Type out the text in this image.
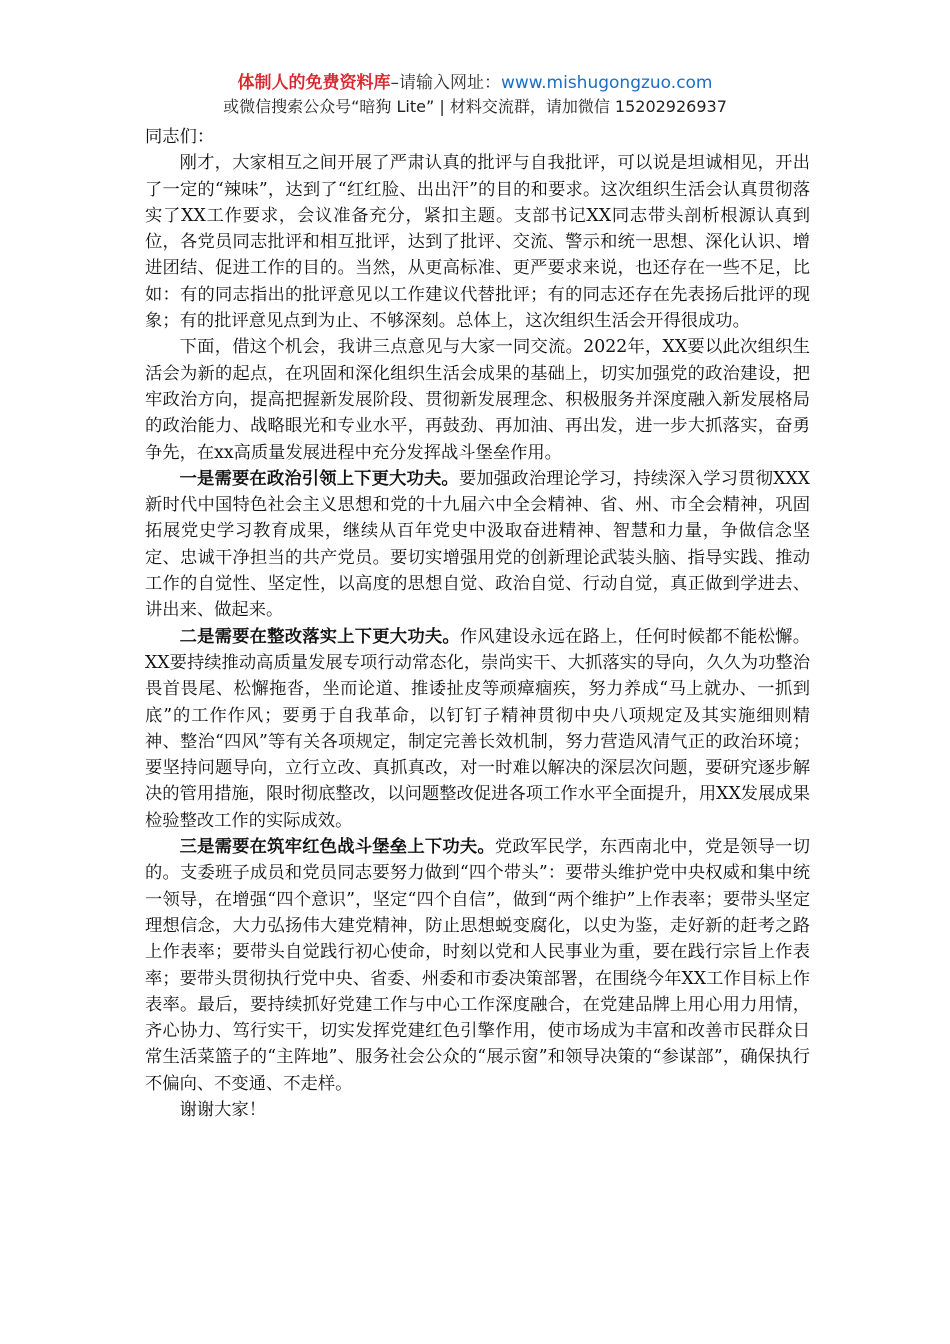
体制人的免费资料库–请输入网址：www.mishugongzuo.com
或微信搜索公众号“暗狗 Lite” | 材料交流群，请加微信 15202926937

同志们：

刚才，大家相互之间开展了严肃认真的批评与自我批评，可以说是坦诚相见，开出了一定的“辣味”，达到了“红红脸、出出汗”的目的和要求。这次组织生活会认真贯彻落实了XX工作要求，会议准备充分，紧扣主题。支部书记XX同志带头剖析根源认真到位，各党员同志批评和相互批评，达到了批评、交流、警示和统一思想、深化认识、增进团结、促进工作的目的。当然，从更高标准、更严要求来说，也还存在一些不足，比如：有的同志指出的批评意见以工作建议代替批评；有的同志还存在先表扬后批评的现象；有的批评意见点到为止、不够深刻。总体上，这次组织生活会开得很成功。

下面，借这个机会，我讲三点意见与大家一同交流。2022年，XX要以此次组织生活会为新的起点，在巩固和深化组织生活会成果的基础上，切实加强党的政治建设，把牢政治方向，提高把握新发展阶段、贯彻新发展理念、积极服务并深度融入新发展格局的政治能力、战略眼光和专业水平，再鼓劲、再加油、再出发，进一步大抓落实，奋勇争先，在xx高质量发展进程中充分发挥战斗堡垒作用。

一是需要在政治引领上下更大功夫。要加强政治理论学习，持续深入学习贯彻XXX新时代中国特色社会主义思想和党的十九届六中全会精神、省、州、市全会精神，巩固拓展党史学习教育成果，继续从百年党史中汲取奋进精神、智慧和力量，争做信念坚定、忠诚干净担当的共产党员。要切实增强用党的创新理论武装头脑、指导实践、推动工作的自觉性、坚定性，以高度的思想自觉、政治自觉、行动自觉，真正做到学进去、讲出来、做起来。

二是需要在整改落实上下更大功夫。作风建设永远在路上，任何时候都不能松懈。XX要持续推动高质量发展专项行动常态化，崇尚实干、大抓落实的导向，久久为功整治畏首畏尾、松懈拖沓，坐而论道、推诿扯皮等顽瘴痼疾，努力养成“马上就办、一抓到底”的工作作风；要勇于自我革命，以钉钉子精神贯彻中央八项规定及其实施细则精神、整治“四风”等有关各项规定，制定完善长效机制，努力营造风清气正的政治环境；要坚持问题导向，立行立改、真抓真改，对一时难以解决的深层次问题，要研究逐步解决的管用措施，限时彻底整改，以问题整改促进各项工作水平全面提升，用XX发展成果检验整改工作的实际成效。

三是需要在筑牢红色战斗堡垒上下功夫。党政军民学，东西南北中，党是领导一切的。支委班子成员和党员同志要努力做到“四个带头”：要带头维护党中央权威和集中统一领导，在增强“四个意识”，坚定“四个自信”，做到“两个维护”上作表率；要带头坚定理想信念，大力弘扬伟大建党精神，防止思想蜕变腐化，以史为鉴，走好新的赶考之路上作表率；要带头自觉践行初心使命，时刻以党和人民事业为重，要在践行宗旨上作表率；要带头贯彻执行党中央、省委、州委和市委决策部署，在围绕今年XX工作目标上作表率。最后，要持续抓好党建工作与中心工作深度融合，在党建品牌上用心用力用情，齐心协力、笃行实干，切实发挥党建红色引擎作用，使市场成为丰富和改善市民群众日常生活菜篮子的“主阵地”、服务社会公众的“展示窗”和领导决策的“参谋部”，确保执行不偏向、不变通、不走样。

谢谢大家！
